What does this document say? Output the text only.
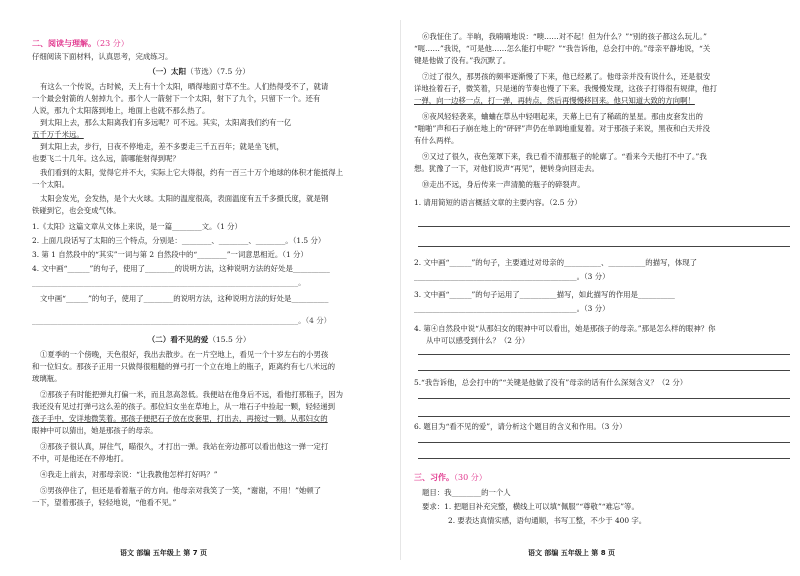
二、阅读与理解。（23 分）
仔细阅读下面材料，认真思考，完成练习。
（一）太阳（节选）（7.5 分）
有这么一个传说，古时候，天上有十个太阳，晒得地面寸草不生。人们热得受不了，就请
一个最会射箭的人射掉九个。那个人一箭射下一个太阳，射下了九个，只留下一个。还有
人说，那九个太阳落到地上，地面上也就不那么热了。
到太阳上去，那么太阳离我们有多远呢？可不远。其实，太阳离我们约有一亿
五千万千米远。
到太阳上去，步行，日夜不停地走，差不多要走三千五百年；就是坐飞机，
也要飞二十几年。这么远，箭哪能射得到呢？
我们看到的太阳，觉得它并不大，实际上它大得很，约有一百三十万个地球的体积才能抵得上
一个太阳。
太阳会发光，会发热，是个大火球。太阳的温度很高，表面温度有五千多摄氏度，就是钢
铁碰到它，也会变成气体。
1.《太阳》这篇文章从文体上来说，是一篇________文。（1 分）
2. 上面几段话写了太阳的三个特点，分别是：________、________、________。（1.5 分）
3. 第 1 自然段中的“其实”一词与第 2 自然段中的“________”一词意思相近。（1 分）
4. 文中画“______”的句子，使用了________的说明方法，这种说明方法的好处是__________
________________________________________________________________________。
文中画“______”的句子，使用了________的说明方法，这种说明方法的好处是__________
________________________________________________________________________。（4 分）
（二）看不见的爱（15.5 分）
①夏季的一个傍晚，天色很好，我出去散步。在一片空地上，看见一个十岁左右的小男孩
和一位妇女。那孩子正用一只做得很粗糙的弹弓打一个立在地上的瓶子，距离约有七八米远的
玻璃瓶。
②那孩子有时能把弹丸打偏一米，而且忽高忽低。我便站在他身后不远，看他打那瓶子，因为
我还没有见过打弹弓这么差的孩子。那位妇女坐在草地上，从一堆石子中捡起一颗，轻轻递到
孩子手中，安详地微笑着。那孩子便把石子放在皮套里，打出去，再接过一颗。从那妇女的
眼神中可以猜出，她是那孩子的母亲。
③那孩子很认真，屏住气，瞄很久，才打出一弹。我站在旁边都可以看出他这一弹一定打
不中，可是他还在不停地打。
④我走上前去，对那母亲说：“让我教他怎样打好吗？”
⑤男孩停住了，但还是看着瓶子的方向。他母亲对我笑了一笑，“谢谢，不用！”她顿了
一下，望着那孩子，轻轻地说，“他看不见。”
语文 部编 五年级上 第 7 页
⑥我怔住了。半晌，我喃喃地说：“噢……对不起！但为什么？”“别的孩子都这么玩儿。”
“呃……”我说，“可是他……怎么能打中呢？”“我告诉他，总会打中的。”母亲平静地说，“关
键是他做了没有。”我沉默了。
⑦过了很久，那男孩的频率逐渐慢了下来，他已经累了。他母亲并没有说什么，还是很安
详地捡着石子，微笑着，只是递的节奏也慢了下来。我慢慢发现，这孩子打得很有规律，他打
一弹，向一边移一点，打一弹，再转点，然后再慢慢移回来。他只知道大致的方向啊！
⑧夜风轻轻袭来，蛐蛐在草丛中轻唱起来，天幕上已有了稀疏的星星。那由皮套发出的
“啪啪”声和石子崩在地上的“砰砰”声仍在单调地重复着。对于那孩子来说，黑夜和白天并没
有什么两样。
⑨又过了很久，夜色笼罩下来，我已看不清那瓶子的轮廓了。“看来今天他打不中了。”我
想。犹豫了一下，对他们说声“再见”，便转身向回走去。
⑩走出不远，身后传来一声清脆的瓶子的碎裂声。
1. 请用简短的语言概括文章的主要内容。（2.5 分）
2. 文中画“______”的句子，主要通过对母亲的__________、__________的描写，体现了
____________________________________________。（3 分）
3. 文中画“______”的句子运用了__________描写，如此描写的作用是__________
____________________________________________。（3 分）
4. 第④自然段中说“从那妇女的眼神中可以看出，她是那孩子的母亲。”那是怎么样的眼神？你
从中可以感受到什么？（2 分）
5.“我告诉他，总会打中的”“关键是他做了没有”母亲的话有什么深刻含义？（2 分）
6. 题目为“看不见的爱”，请分析这个题目的含义和作用。（3 分）
三、习作。（30 分）
题目：我________的一个人
要求：1. 把题目补充完整，横线上可以填“佩服”“尊敬”“难忘”等。
2. 要表达真情实感，语句通顺，书写工整，不少于 400 字。
语文 部编 五年级上 第 8 页
